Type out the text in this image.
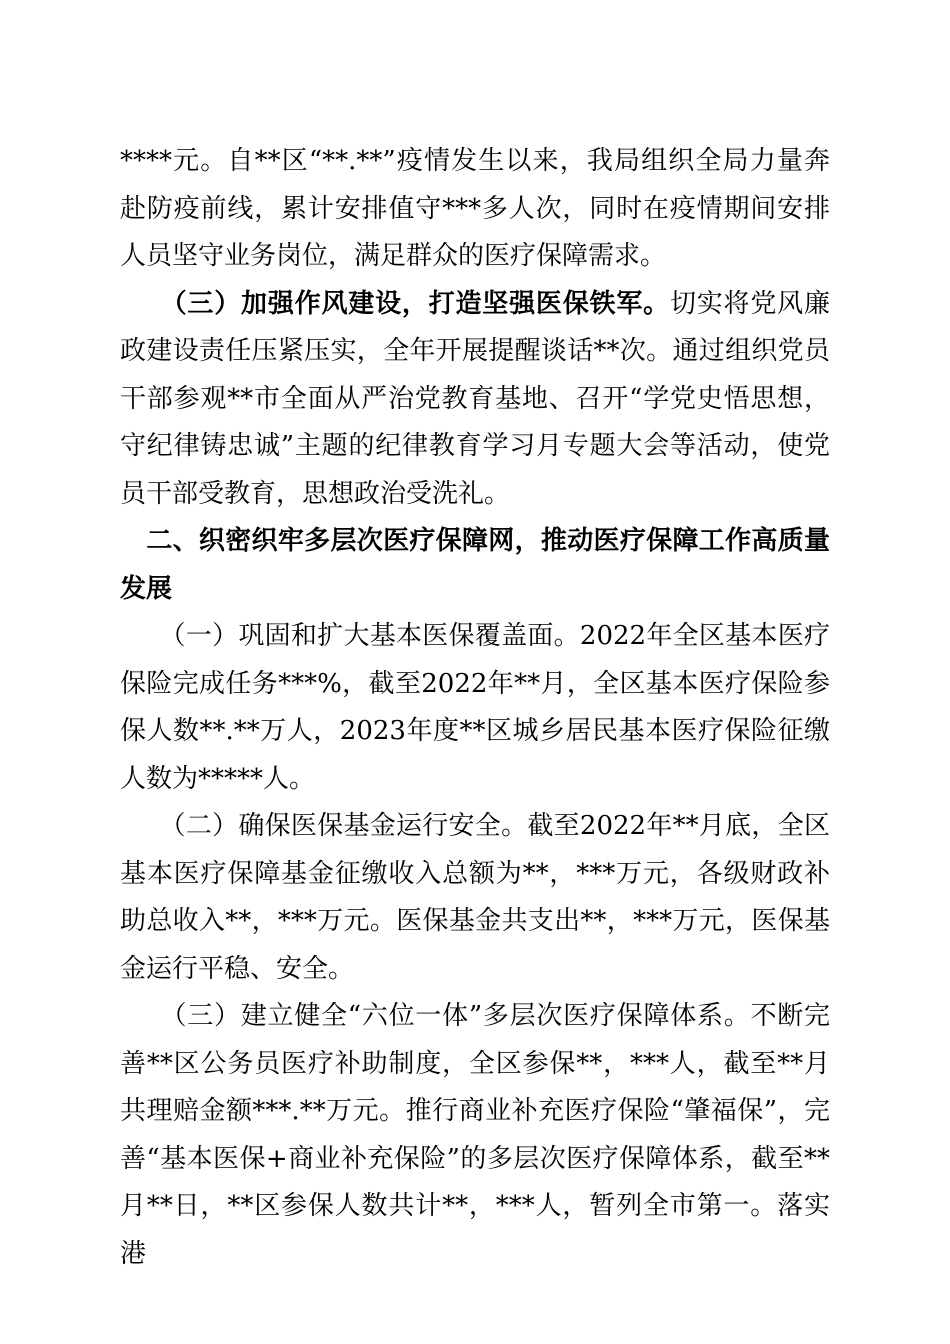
****元。自**区“**.**”疫情发生以来，我局组织全局力量奔赴防疫前线，累计安排值守***多人次，同时在疫情期间安排人员坚守业务岗位，满足群众的医疗保障需求。

　　（三）加强作风建设，打造坚强医保铁军。切实将党风廉政建设责任压紧压实，全年开展提醒谈话**次。通过组织党员干部参观**市全面从严治党教育基地、召开“学党史悟思想，守纪律铸忠诚”主题的纪律教育学习月专题大会等活动，使党员干部受教育，思想政治受洗礼。

　二、织密织牢多层次医疗保障网，推动医疗保障工作高质量发展

　　（一）巩固和扩大基本医保覆盖面。2022年全区基本医疗保险完成任务***%，截至2022年**月，全区基本医疗保险参保人数**.**万人，2023年度**区城乡居民基本医疗保险征缴人数为*****人。

　　（二）确保医保基金运行安全。截至2022年**月底，全区基本医疗保障基金征缴收入总额为**，***万元，各级财政补助总收入**，***万元。医保基金共支出**，***万元，医保基金运行平稳、安全。

　　（三）建立健全“六位一体”多层次医疗保障体系。不断完善**区公务员医疗补助制度，全区参保**，***人，截至**月共理赔金额***.**万元。推行商业补充医疗保险“肇福保”，完善“基本医保+商业补充保险”的多层次医疗保障体系，截至**月**日，**区参保人数共计**，***人，暂列全市第一。落实港
